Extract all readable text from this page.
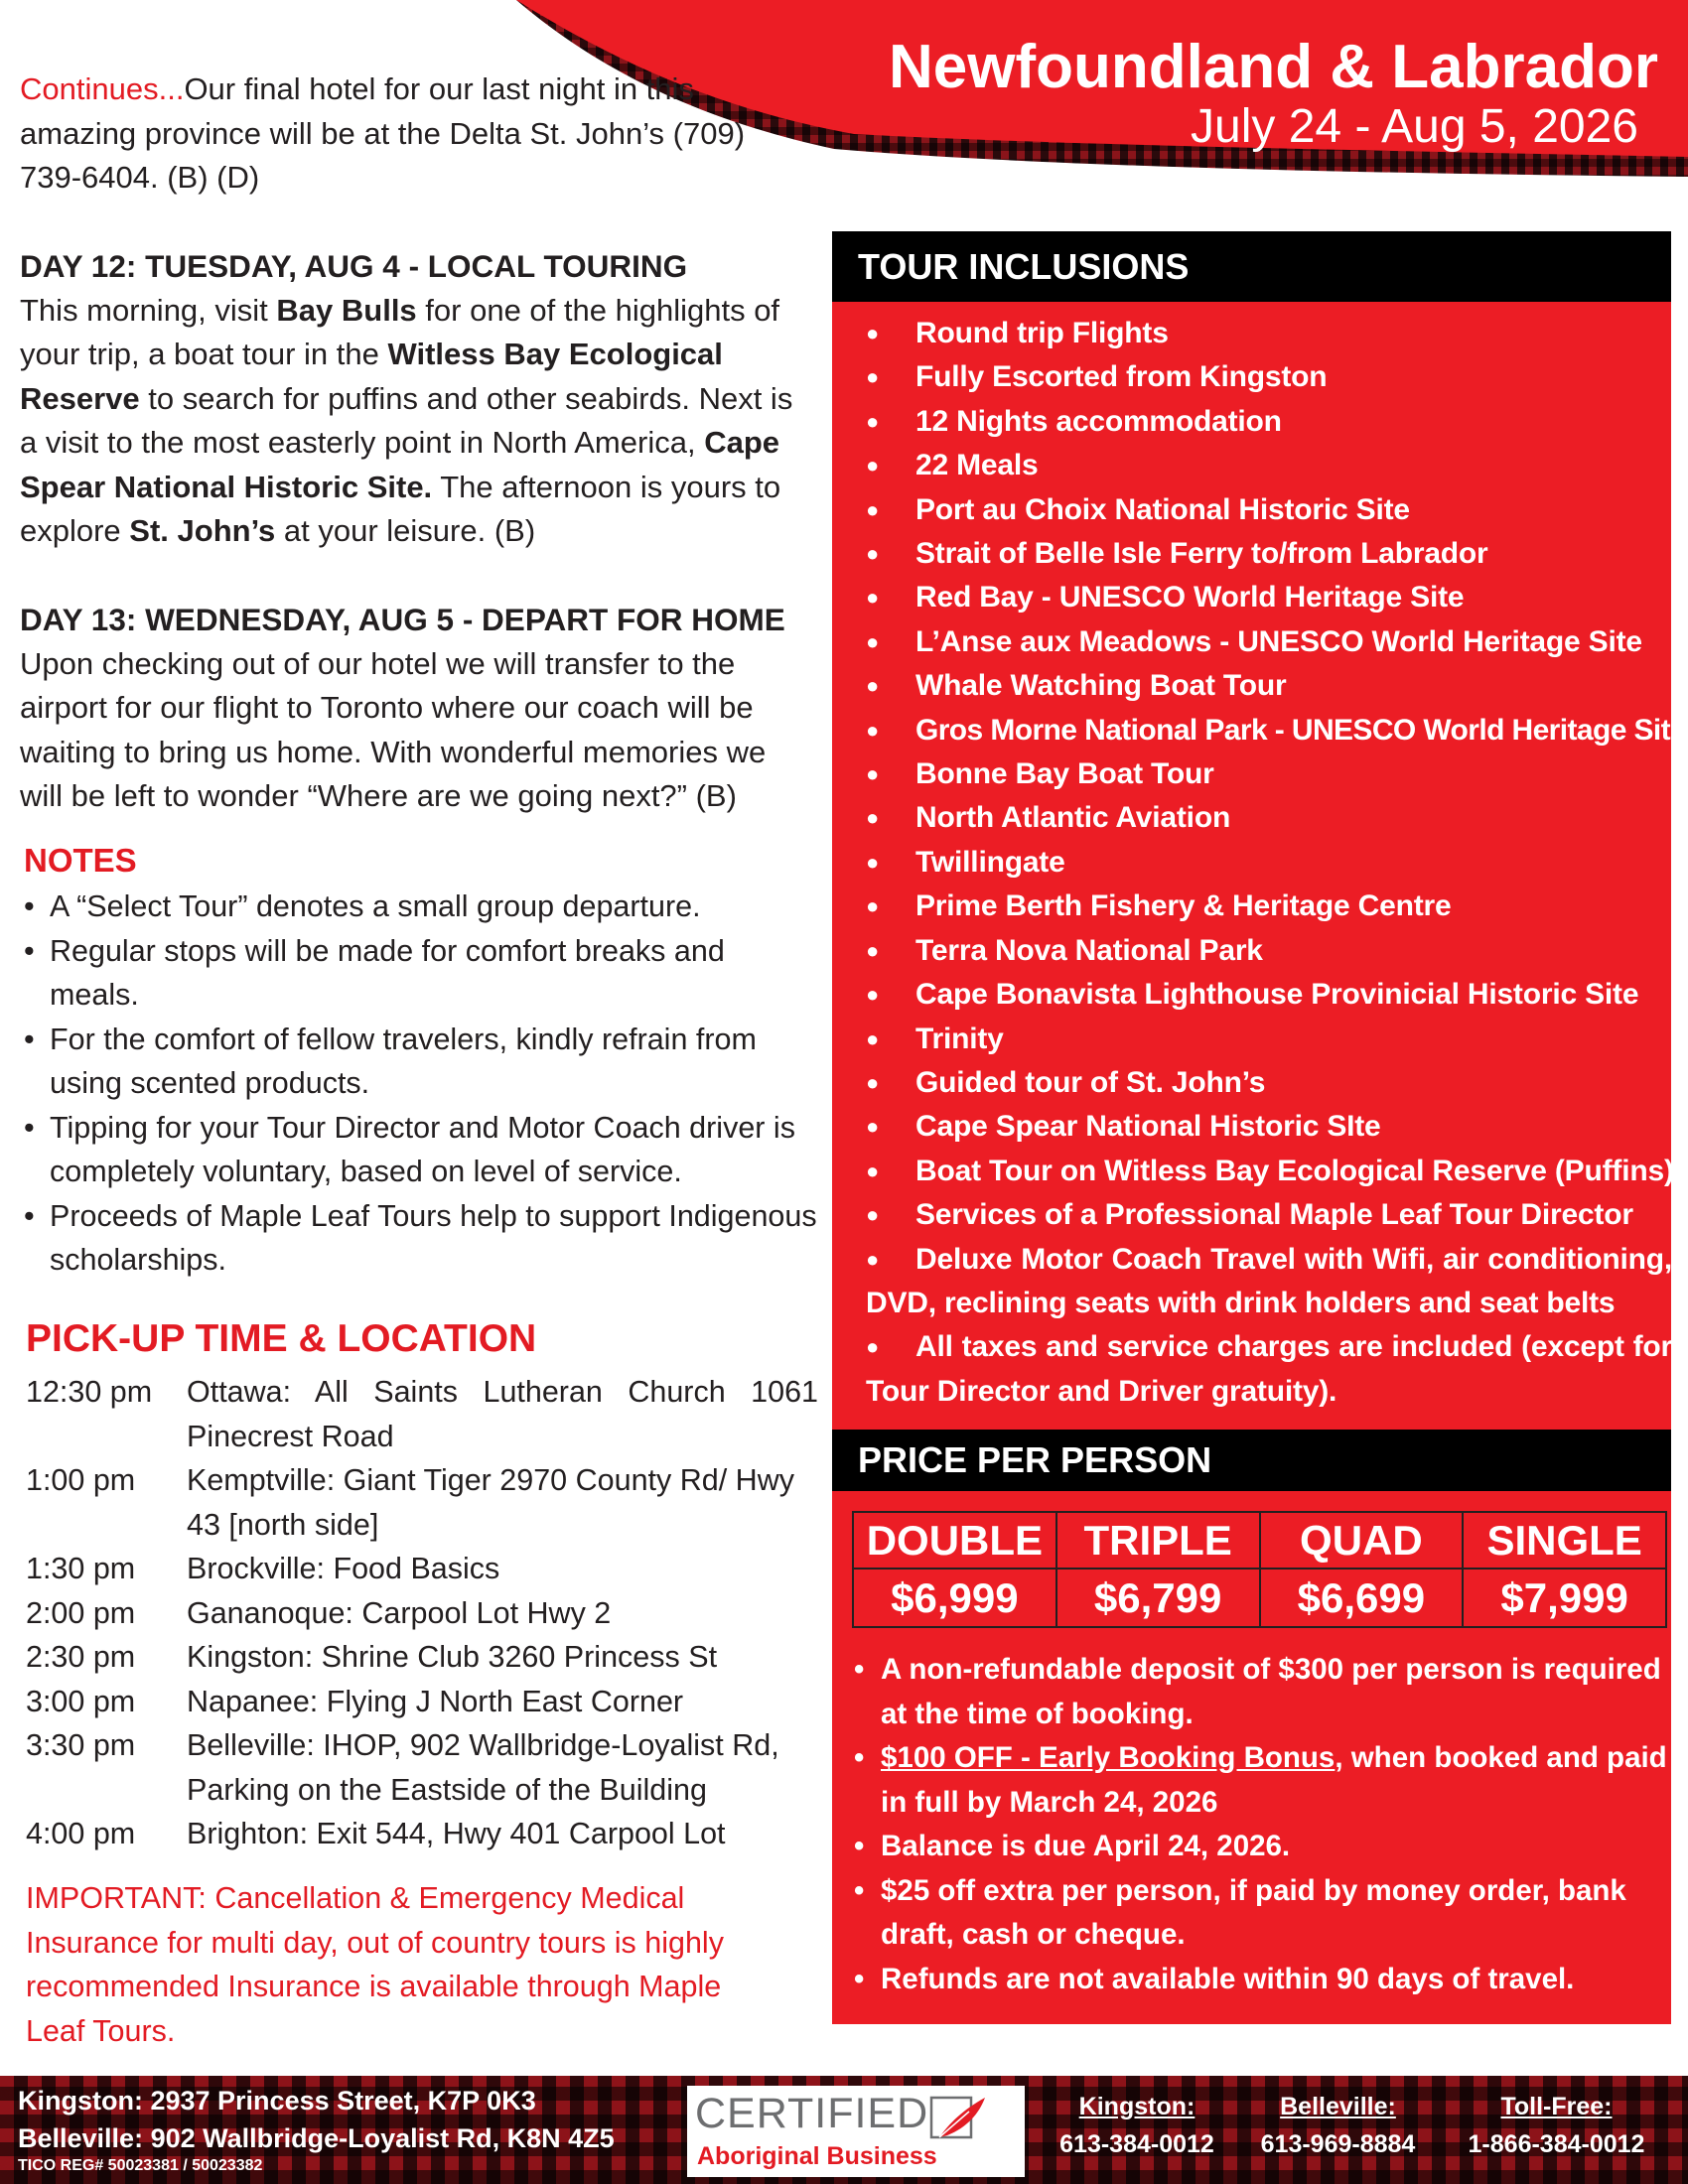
Newfoundland & Labrador
July 24 - Aug 5, 2026
Continues...Our final hotel for our last night in this amazing province will be at the Delta St. John’s (709) 739-6404. (B) (D)
DAY 12: TUESDAY, AUG 4 - LOCAL TOURING
This morning, visit Bay Bulls for one of the highlights of your trip, a boat tour in the Witless Bay Ecological Reserve to search for puffins and other seabirds. Next is a visit to the most easterly point in North America, Cape Spear National Historic Site. The afternoon is yours to explore St. John’s at your leisure. (B)
DAY 13: WEDNESDAY, AUG 5 - DEPART FOR HOME
Upon checking out of our hotel we will transfer to the airport for our flight to Toronto where our coach will be waiting to bring us home. With wonderful memories we will be left to wonder “Where are we going next?” (B)
NOTES
• A “Select Tour” denotes a small group departure.
• Regular stops will be made for comfort breaks and meals.
• For the comfort of fellow travelers, kindly refrain from using scented products.
• Tipping for your Tour Director and Motor Coach driver is completely voluntary, based on level of service.
• Proceeds of Maple Leaf Tours help to support Indigenous scholarships.
PICK-UP TIME & LOCATION
12:30 pm	Ottawa: All Saints Lutheran Church 1061 Pinecrest Road
1:00 pm	Kemptville: Giant Tiger 2970 County Rd/ Hwy 43 [north side]
1:30 pm	Brockville: Food Basics
2:00 pm	Gananoque: Carpool Lot Hwy 2
2:30 pm	Kingston: Shrine Club 3260 Princess St
3:00 pm	Napanee: Flying J North East Corner
3:30 pm	Belleville: IHOP, 902 Wallbridge-Loyalist Rd, Parking on the Eastside of the Building
4:00 pm	Brighton: Exit 544, Hwy 401 Carpool Lot
IMPORTANT: Cancellation & Emergency Medical Insurance for multi day, out of country tours is highly recommended Insurance is available through Maple Leaf Tours.
TOUR INCLUSIONS
● Round trip Flights
● Fully Escorted from Kingston
● 12 Nights accommodation
● 22 Meals
● Port au Choix National Historic Site
● Strait of Belle Isle Ferry to/from Labrador
● Red Bay - UNESCO World Heritage Site
● L’Anse aux Meadows - UNESCO World Heritage Site
● Whale Watching Boat Tour
● Gros Morne National Park - UNESCO World Heritage Site
● Bonne Bay Boat Tour
● North Atlantic Aviation
● Twillingate
● Prime Berth Fishery & Heritage Centre
● Terra Nova National Park
● Cape Bonavista Lighthouse Provinicial Historic Site
● Trinity
● Guided tour of St. John’s
● Cape Spear National Historic SIte
● Boat Tour on Witless Bay Ecological Reserve (Puffins)
● Services of a Professional Maple Leaf Tour Director
● Deluxe Motor Coach Travel with Wifi, air conditioning, DVD, reclining seats with drink holders and seat belts
● All taxes and service charges are included (except for Tour Director and Driver gratuity).
PRICE PER PERSON
DOUBLE	TRIPLE	QUAD	SINGLE
$6,999	$6,799	$6,699	$7,999
• A non-refundable deposit of $300 per person is required at the time of booking.
• $100 OFF - Early Booking Bonus, when booked and paid in full by March 24, 2026
• Balance is due April 24, 2026.
• $25 off extra per person, if paid by money order, bank draft, cash or cheque.
• Refunds are not available within 90 days of travel.
Kingston: 2937 Princess Street, K7P 0K3
Belleville: 902 Wallbridge-Loyalist Rd, K8N 4Z5
TICO REG# 50023381 / 50023382
CERTIFIED
Aboriginal Business
Kingston:
613-384-0012
Belleville:
613-969-8884
Toll-Free:
1-866-384-0012
